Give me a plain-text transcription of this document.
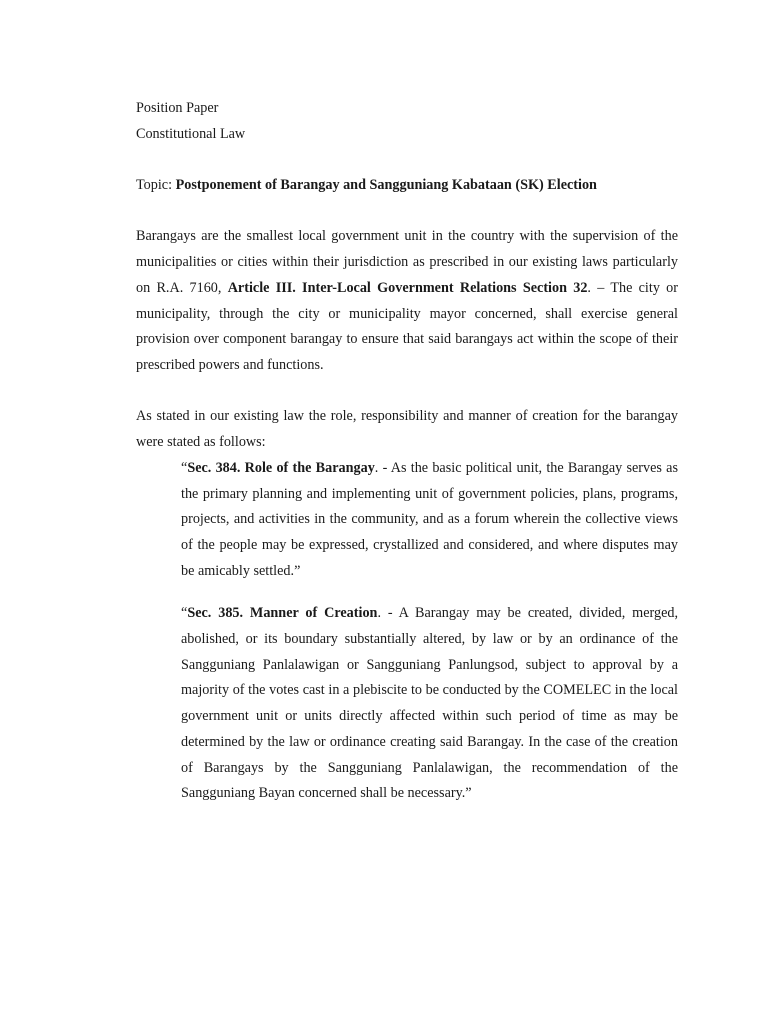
Position Paper
Constitutional Law

Topic: Postponement of Barangay and Sangguniang Kabataan (SK) Election

Barangays are the smallest local government unit in the country with the supervision of the municipalities or cities within their jurisdiction as prescribed in our existing laws particularly on R.A. 7160, Article III. Inter-Local Government Relations Section 32. – The city or municipality, through the city or municipality mayor concerned, shall exercise general provision over component barangay to ensure that said barangays act within the scope of their prescribed powers and functions.

As stated in our existing law the role, responsibility and manner of creation for the barangay were stated as follows:

“Sec. 384. Role of the Barangay. - As the basic political unit, the Barangay serves as the primary planning and implementing unit of government policies, plans, programs, projects, and activities in the community, and as a forum wherein the collective views of the people may be expressed, crystallized and considered, and where disputes may be amicably settled.”

“Sec. 385. Manner of Creation. - A Barangay may be created, divided, merged, abolished, or its boundary substantially altered, by law or by an ordinance of the Sangguniang Panlalawigan or Sangguniang Panlungsod, subject to approval by a majority of the votes cast in a plebiscite to be conducted by the COMELEC in the local government unit or units directly affected within such period of time as may be determined by the law or ordinance creating said Barangay. In the case of the creation of Barangays by the Sangguniang Panlalawigan, the recommendation of the Sangguniang Bayan concerned shall be necessary.”
